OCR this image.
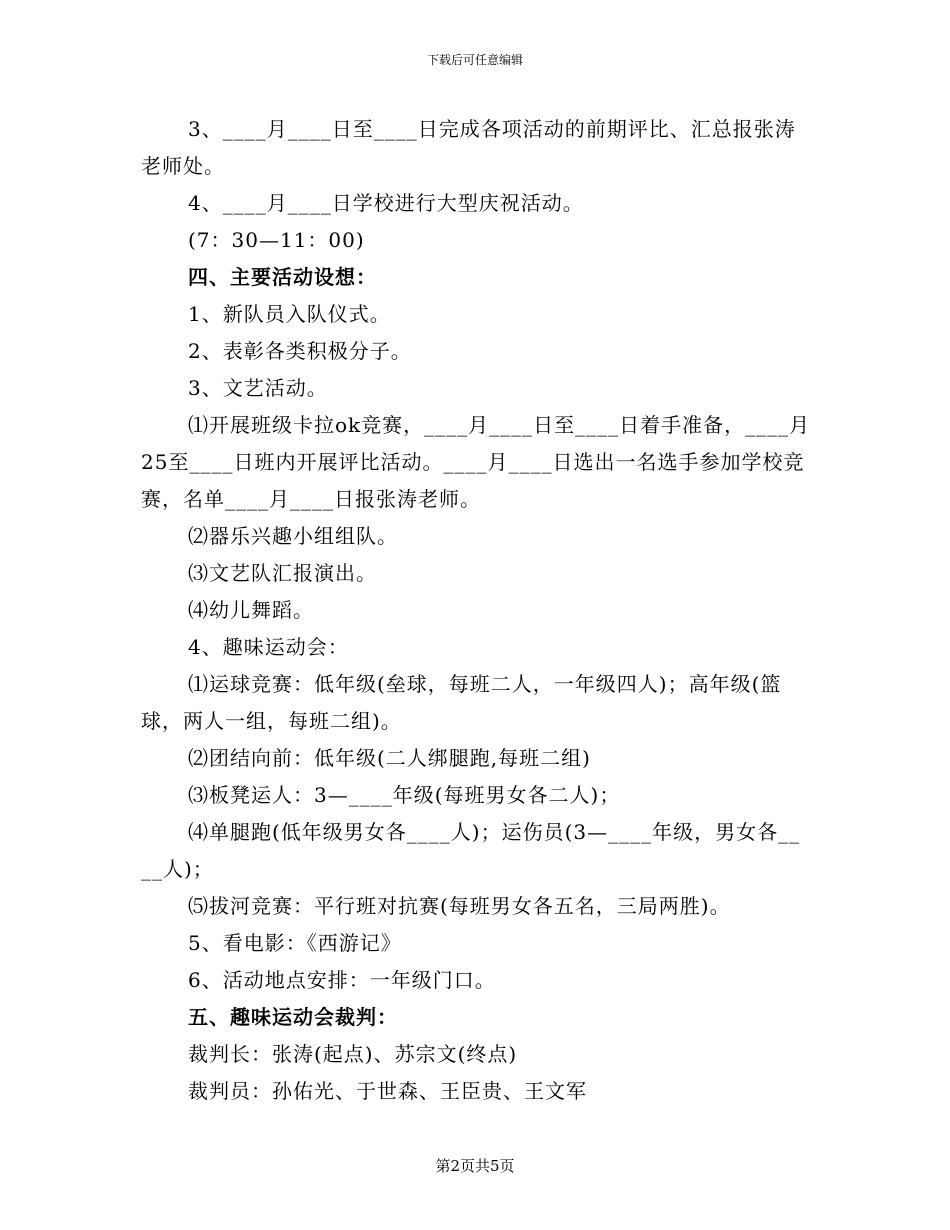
下载后可任意编辑

3、____月____日至____日完成各项活动的前期评比、汇总报张涛老师处。

4、____月____日学校进行大型庆祝活动。

(7：30—11：00)

四、主要活动设想：

1、新队员入队仪式。

2、表彰各类积极分子。

3、文艺活动。

⑴开展班级卡拉ok竞赛，____月____日至____日着手准备，____月25至____日班内开展评比活动。____月____日选出一名选手参加学校竞赛，名单____月____日报张涛老师。

⑵器乐兴趣小组组队。

⑶文艺队汇报演出。

⑷幼儿舞蹈。

4、趣味运动会：

⑴运球竞赛：低年级(垒球，每班二人，一年级四人)；高年级(篮球，两人一组，每班二组)。

⑵团结向前：低年级(二人绑腿跑,每班二组)

⑶板凳运人：3—____年级(每班男女各二人)；

⑷单腿跑(低年级男女各____人)；运伤员(3—____年级，男女各____人)；

⑸拔河竞赛：平行班对抗赛(每班男女各五名，三局两胜)。

5、看电影：《西游记》

6、活动地点安排：一年级门口。

五、趣味运动会裁判：

裁判长：张涛(起点)、苏宗文(终点)

裁判员：孙佑光、于世森、王臣贵、王文军

第2页共5页
